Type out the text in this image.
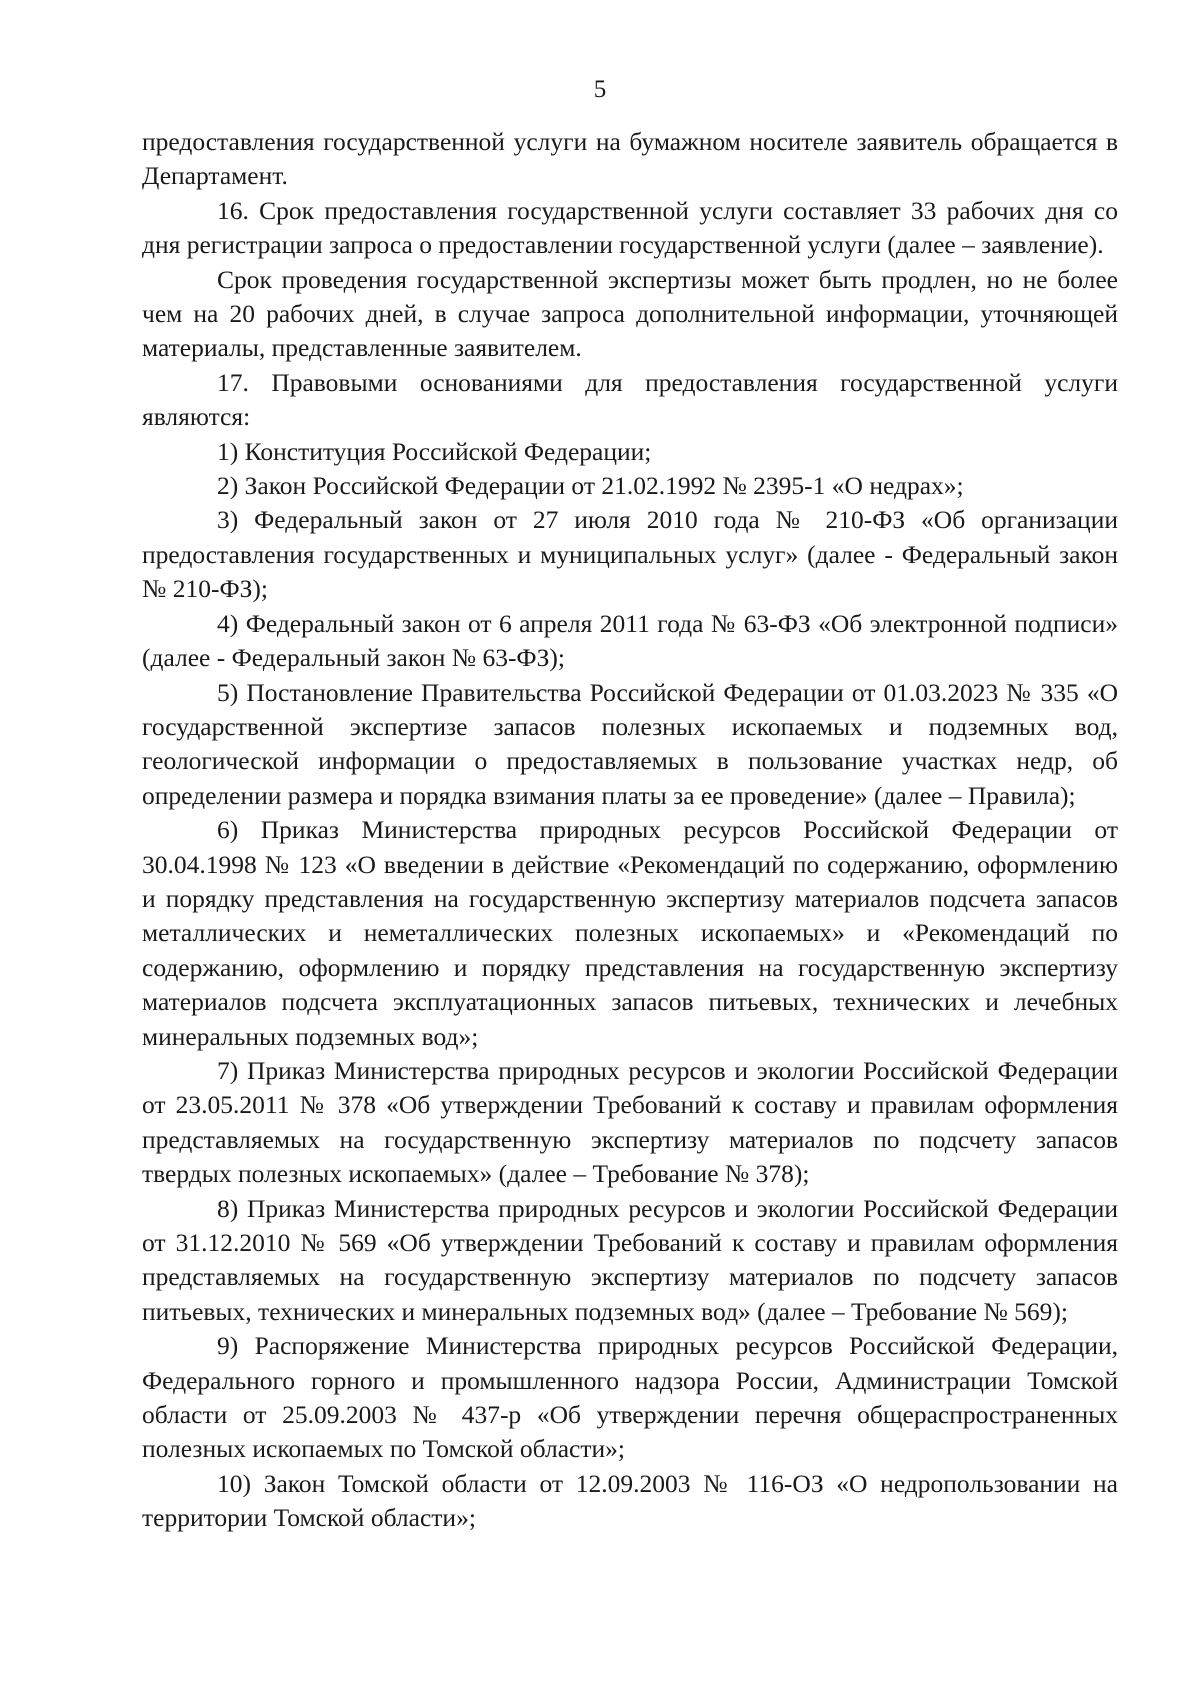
5

предоставления государственной услуги на бумажном носителе заявитель обращается в Департамент.

16. Срок предоставления государственной услуги составляет 33 рабочих дня со дня регистрации запроса о предоставлении государственной услуги (далее – заявление).

Срок проведения государственной экспертизы может быть продлен, но не более чем на 20 рабочих дней, в случае запроса дополнительной информации, уточняющей материалы, представленные заявителем.

17. Правовыми основаниями для предоставления государственной услуги являются:

1) Конституция Российской Федерации;

2) Закон Российской Федерации от 21.02.1992 № 2395-1 «О недрах»;

3) Федеральный закон от 27 июля 2010 года № 210-ФЗ «Об организации предоставления государственных и муниципальных услуг» (далее - Федеральный закон № 210-ФЗ);

4) Федеральный закон от 6 апреля 2011 года № 63-ФЗ «Об электронной подписи» (далее - Федеральный закон № 63-ФЗ);

5) Постановление Правительства Российской Федерации от 01.03.2023 № 335 «О государственной экспертизе запасов полезных ископаемых и подземных вод, геологической информации о предоставляемых в пользование участках недр, об определении размера и порядка взимания платы за ее проведение» (далее – Правила);

6) Приказ Министерства природных ресурсов Российской Федерации от 30.04.1998 № 123 «О введении в действие «Рекомендаций по содержанию, оформлению и порядку представления на государственную экспертизу материалов подсчета запасов металлических и неметаллических полезных ископаемых» и «Рекомендаций по содержанию, оформлению и порядку представления на государственную экспертизу материалов подсчета эксплуатационных запасов питьевых, технических и лечебных минеральных подземных вод»;

7) Приказ Министерства природных ресурсов и экологии Российской Федерации от 23.05.2011 № 378 «Об утверждении Требований к составу и правилам оформления представляемых на государственную экспертизу материалов по подсчету запасов твердых полезных ископаемых» (далее – Требование № 378);

8) Приказ Министерства природных ресурсов и экологии Российской Федерации от 31.12.2010 № 569 «Об утверждении Требований к составу и правилам оформления представляемых на государственную экспертизу материалов по подсчету запасов питьевых, технических и минеральных подземных вод» (далее – Требование № 569);

9) Распоряжение Министерства природных ресурсов Российской Федерации, Федерального горного и промышленного надзора России, Администрации Томской области от 25.09.2003 № 437-р «Об утверждении перечня общераспространенных полезных ископаемых по Томской области»;

10) Закон Томской области от 12.09.2003 № 116-ОЗ «О недропользовании на территории Томской области»;
